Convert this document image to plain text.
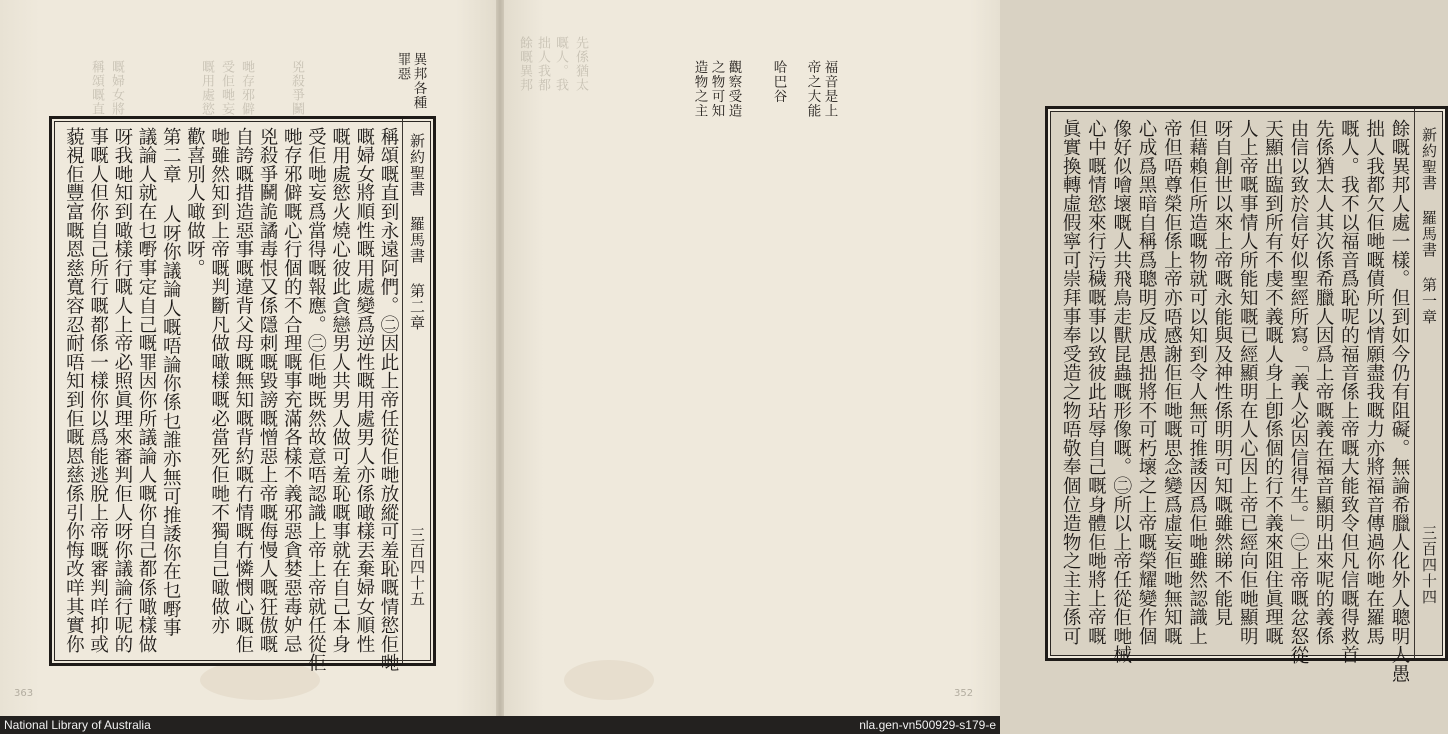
稱頌嘅直 嘅婦女將	嘅用處慾 受佢哋妄 哋存邪僻	兇殺爭鬭	異邦各種
罪惡
新約聖書 羅馬書 第二章
三百四十五
稱頌嘅直到永遠阿們。㊁因此上帝任從佢哋放縱可羞恥嘅情慾佢哋
嘅婦女將順性嘅用處變爲逆性嘅用處男人亦係噉樣丟棄婦女順性
嘅用處慾火燒心彼此貪戀男人共男人做可羞恥嘅事就在自己本身
受佢哋妄爲當得嘅報應。㊁佢哋既然故意唔認識上帝上帝就任從佢
哋存邪僻嘅心行個的不合理嘅事充滿各樣不義邪惡貪婪惡毒妒忌
兇殺爭鬭詭譎毒恨又係隱刺嘅毀謗嘅憎惡上帝嘅侮慢人嘅狂傲嘅
自誇嘅措造惡事嘅違背父母嘅無知嘅背約嘅冇情嘅冇憐憫心嘅佢
哋雖然知到上帝嘅判斷凡做噉樣嘅必當死佢哋不獨自己噉做亦
歡喜別人噉做呀。
第二章 人呀你議論人嘅唔論你係乜誰亦無可推諉你在乜嘢事
議論人就在乜嘢事定自己嘅罪因你所議論人嘅你自己都係噉樣做
呀我哋知到噉樣行嘅人上帝必照眞理來審判佢人呀你議論行呢的
事嘅人但你自己所行嘅都係一樣你以爲能逃脫上帝嘅審判咩抑或
藐視佢豐富嘅恩慈寬容忍耐唔知到佢嘅恩慈係引你悔改咩其實你
363
餘嘅異邦 拙人我都 嘅人。我 先係猶太	福音是上
帝之大能
哈巴谷
觀察受造
之物可知
造物之主
新約聖書 羅馬書 第一章
三百四十四
餘嘅異邦人處一樣。但到如今仍有阻礙。無論希臘人化外人聰明人愚
拙人我都欠佢哋嘅債所以情願盡我嘅力亦將福音傳過你哋在羅馬
嘅人。我不以福音爲恥呢的福音係上帝嘅大能致令但凡信嘅得救首
先係猶太人其次係希臘人因爲上帝嘅義在福音顯明出來呢的義係
由信以致於信好似聖經所寫。「義人必因信得生。」㊁上帝嘅忿怒從
天顯出臨到所有不虔不義嘅人身上卽係個的行不義來阻住眞理嘅
人上帝嘅事情人所能知嘅已經顯明在人心因上帝已經向佢哋顯明
呀自創世以來上帝嘅永能與及神性係明明可知嘅雖然睇不能見
但藉賴佢所造嘅物就可以知到令人無可推諉因爲佢哋雖然認識上
帝但唔尊榮佢係上帝亦唔感謝佢佢哋嘅思念變爲虛妄佢哋無知嘅
心成爲黑暗自稱爲聰明反成愚拙將不可朽壞之上帝嘅榮耀變作個
像好似噲壞嘅人共飛鳥走獸昆蟲嘅形像嘅。㊁所以上帝任從佢哋械
心中嘅情慾來行污穢嘅事以致彼此玷辱自己嘅身體佢哋將上帝嘅
眞實換轉虛假寧可崇拜事奉受造之物唔敬奉個位造物之主主係可
352
National Library of Australia	nla.gen-vn500929-s179-e
